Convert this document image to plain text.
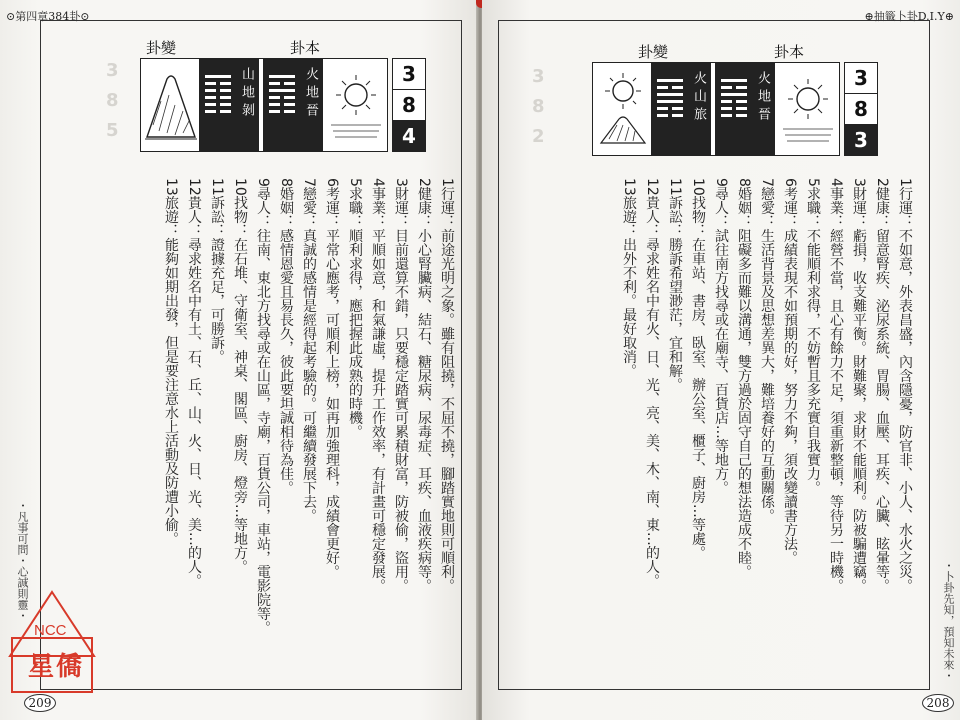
⊙第四章384卦⊙
卦變	卦本
3
8
5
山地剝	火地晉	3
8
4
1行運：前途光明之象。雖有阻撓，不屈不撓，腳踏實地則可順利。
2健康：小心腎臟病、結石、糖尿病、尿毒症、耳疾、血液疾病等。
3財運：目前還算不錯，只要穩定踏實可累積財富，防被偷，盜用。
4事業：平順如意，和氣謙虛，提升工作效率，有計畫可穩定發展。
5求職：順利求得，應把握此成熟的時機。
6考運：平常心應考，可順利上榜，如再加強理科，成績會更好。
7戀愛：真誠的感情是經得起考驗的。可繼續發展下去。
8婚姻：感情恩愛且易長久，彼此要坦誠相待為佳。
9尋人：往南、東北方找尋或在山區，寺廟，百貨公司，車站，電影院等。
10找物：在石堆、守衛室、神桌、閣區、廚房、燈旁…等地方。
11訴訟：證據充足，可勝訴。
12貴人：尋求姓名中有土、石、丘、山、火、日、光、美…的人。
13旅遊：能夠如期出發，但是要注意水上活動及防遭小偷。
・凡事可問・心誠則靈・
NCC
星僑
209
⊕抽籤卜卦D.I.Y⊕
卦變	卦本
3
8
2
火山旅	火地晉	3
8
3
1行運：不如意，外表昌盛，內含隱憂，防官非、小人、水火之災。
2健康：留意腎疾、泌尿系統、胃腸、血壓、耳疾、心臟、眩暈等。
3財運：虧損，收支難平衡。財難聚，求財不能順利。防被騙遭竊。
4事業：經營不當，且心有餘力不足，須重新整頓，等待另一時機。
5求職：不能順利求得，不妨暫且多充實自我實力。
6考運：成績表現不如預期的好，努力不夠，須改變讀書方法。
7戀愛：生活背景及思想差異大，難培養好的互動關係。
8婚姻：阻礙多而難以溝通，雙方過於固守自己的想法造成不睦。
9尋人：試往南方找尋或在廟寺、百貨店…等地方。
10找物：在車站、書房、臥室、辦公室、櫃子、廚房…等處。
11訴訟：勝訴希望渺茫，宜和解。
12貴人：尋求姓名中有火、日、光、亮、美、木、南、東…的人。
13旅遊：出外不利。最好取消。
・卜卦先知，預知未來・
208
